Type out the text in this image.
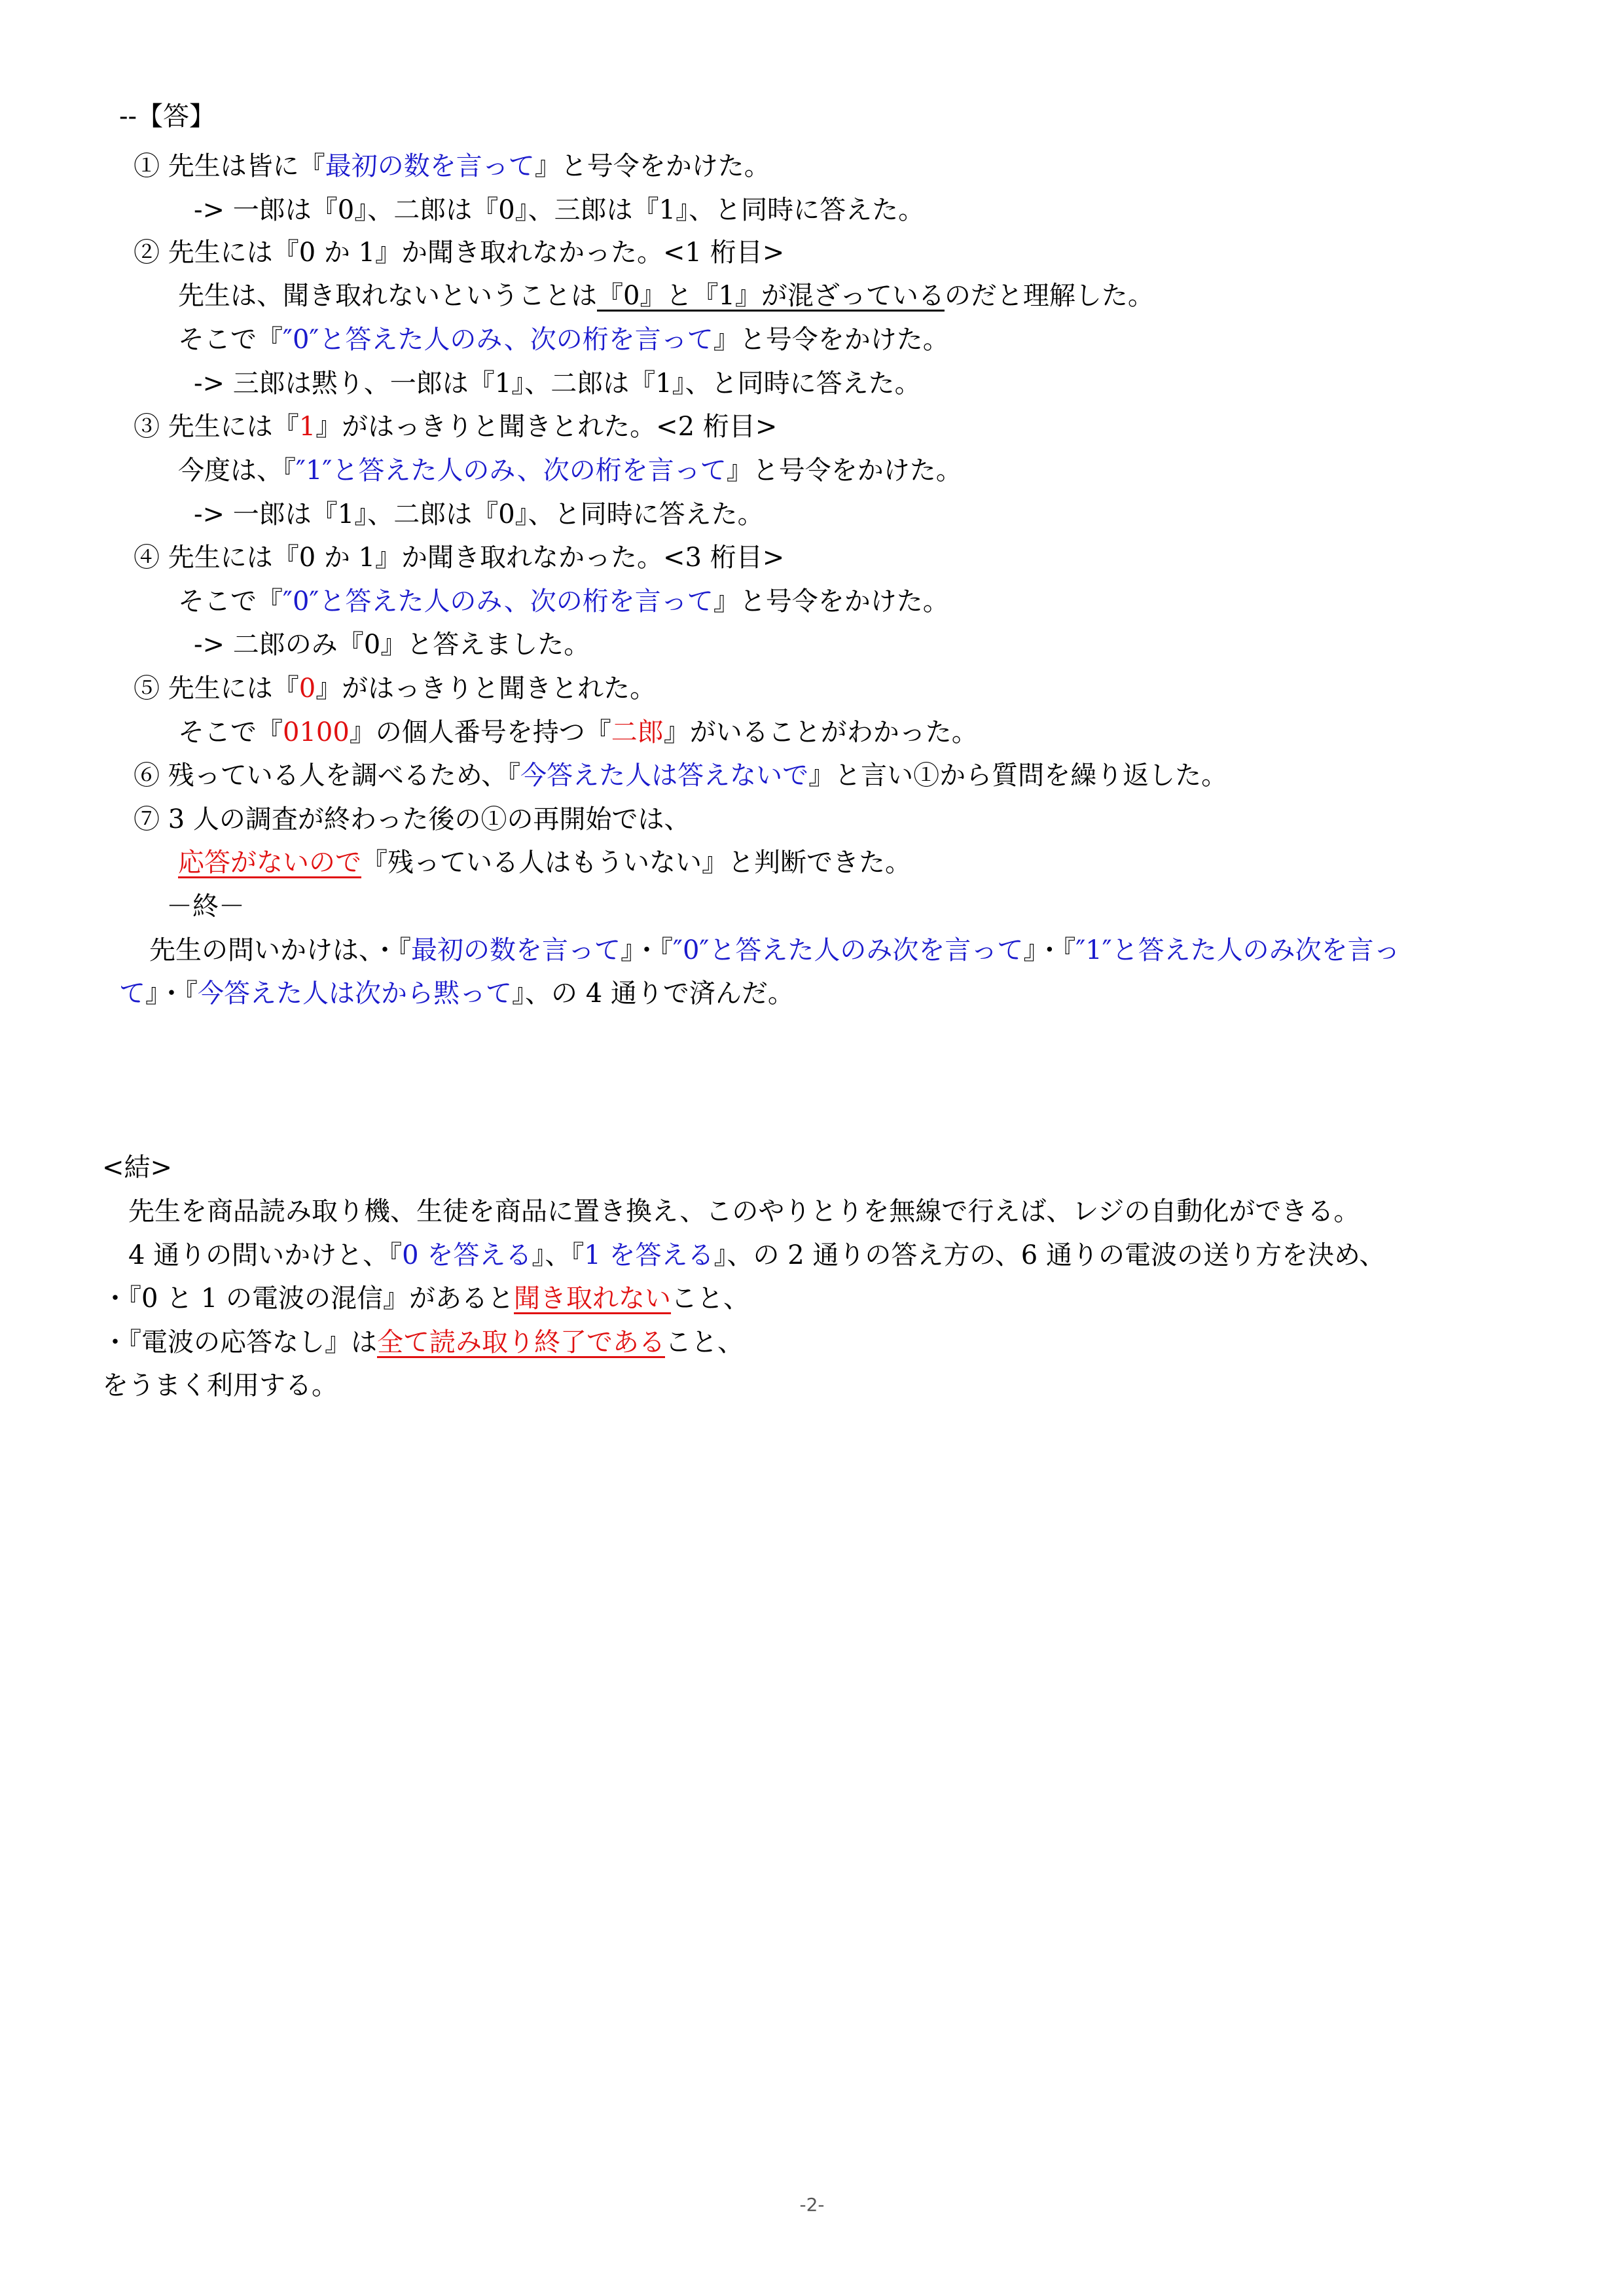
--【答】
① 先生は皆に『最初の数を言って』と号令をかけた。
-> 一郎は『0』、二郎は『0』、三郎は『1』、と同時に答えた。
② 先生には『0 か 1』か聞き取れなかった。<1 桁目>
先生は、聞き取れないということは『0』と『1』が混ざっているのだと理解した。
そこで『″0″と答えた人のみ、次の桁を言って』と号令をかけた。
-> 三郎は黙り、一郎は『1』、二郎は『1』、と同時に答えた。
③ 先生には『1』がはっきりと聞きとれた。<2 桁目>
今度は、『″1″と答えた人のみ、次の桁を言って』と号令をかけた。
-> 一郎は『1』、二郎は『0』、と同時に答えた。
④ 先生には『0 か 1』か聞き取れなかった。<3 桁目>
そこで『″0″と答えた人のみ、次の桁を言って』と号令をかけた。
-> 二郎のみ『0』と答えました。
⑤ 先生には『0』がはっきりと聞きとれた。
そこで『0100』の個人番号を持つ『二郎』がいることがわかった。
⑥ 残っている人を調べるため、『今答えた人は答えないで』と言い①から質問を繰り返した。
⑦ 3 人の調査が終わった後の①の再開始では、
応答がないので『残っている人はもういない』と判断できた。
－終－
先生の問いかけは、・『最初の数を言って』・『″0″と答えた人のみ次を言って』・『″1″と答えた人のみ次を言っ
て』・『今答えた人は次から黙って』、の 4 通りで済んだ。
<結>
先生を商品読み取り機、生徒を商品に置き換え、このやりとりを無線で行えば、レジの自動化ができる。
4 通りの問いかけと、『0 を答える』、『1 を答える』、の 2 通りの答え方の、6 通りの電波の送り方を決め、
・『0 と 1 の電波の混信』があると聞き取れないこと、
・『電波の応答なし』は全て読み取り終了であること、
をうまく利用する。
-2-
